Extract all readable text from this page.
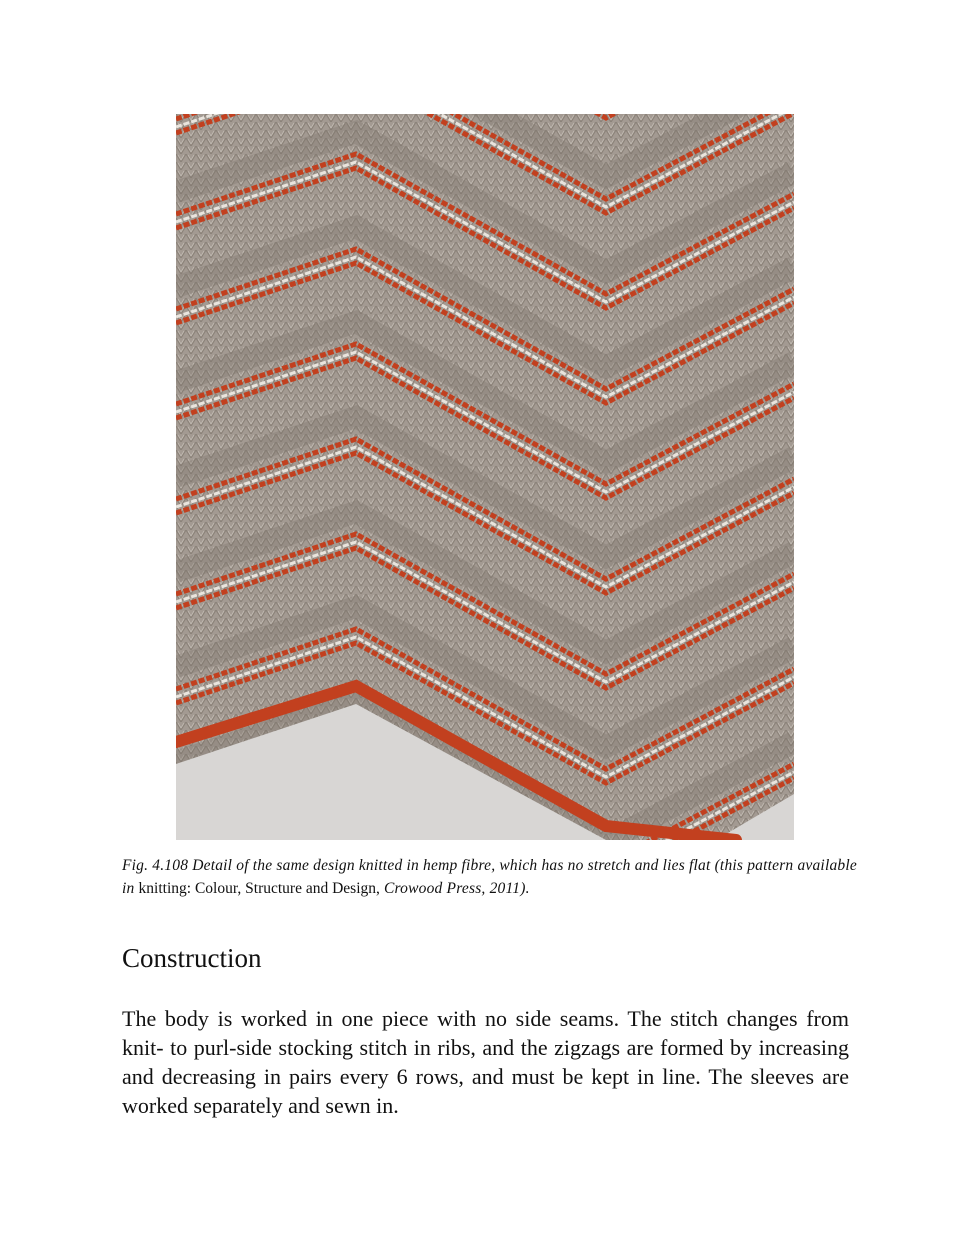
Fig. 4.108 Detail of the same design knitted in hemp fibre, which has no stretch and lies flat (this pattern available in knitting: Colour, Structure and Design, Crowood Press, 2011).
Construction

The body is worked in one piece with no side seams. The stitch changes from knit- to purl-side stocking stitch in ribs, and the zigzags are formed by increasing and decreasing in pairs every 6 rows, and must be kept in line. The sleeves are worked separately and sewn in.
